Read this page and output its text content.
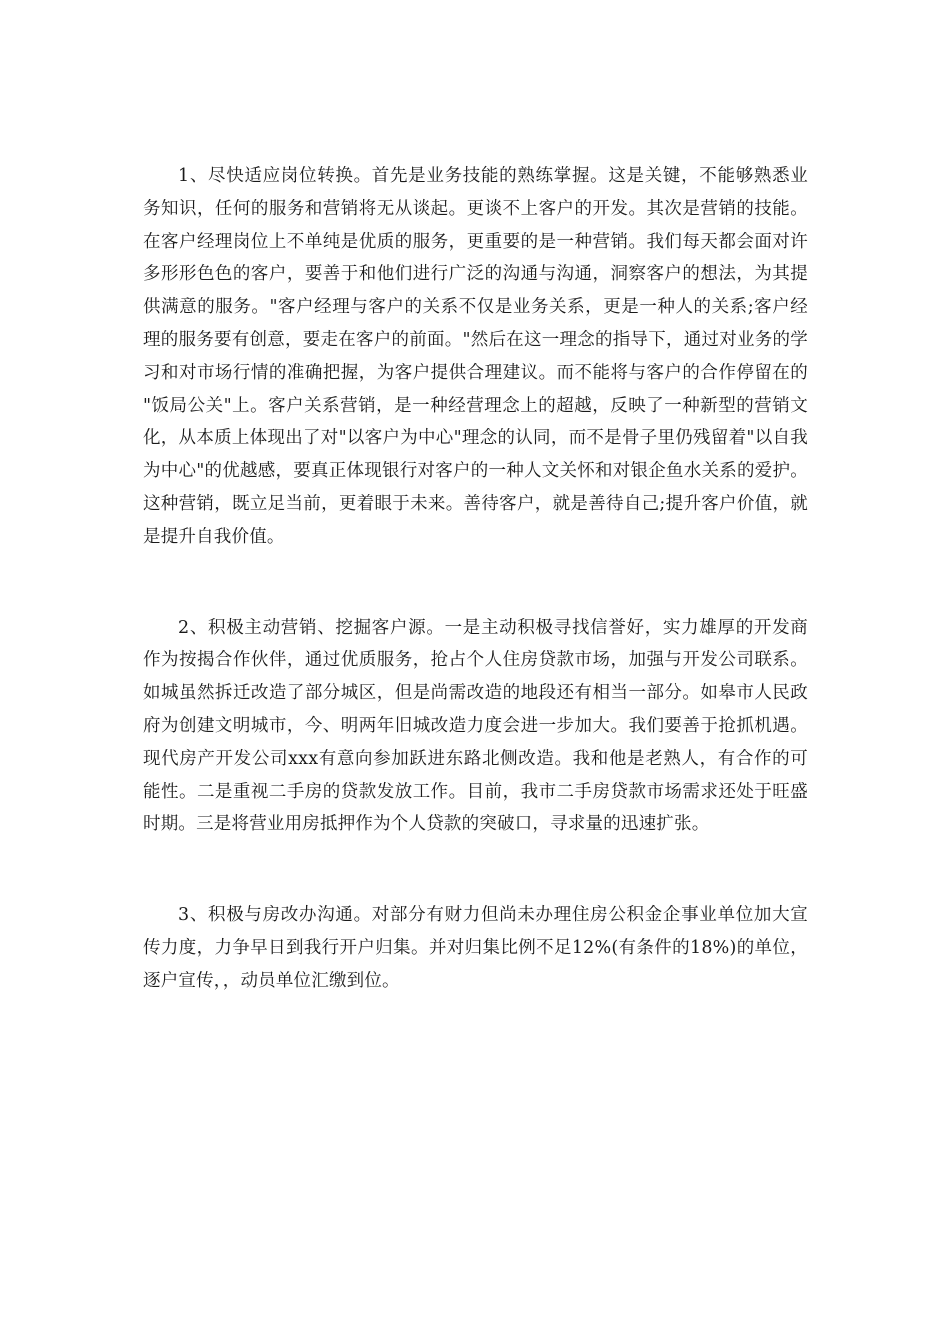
1、尽快适应岗位转换。首先是业务技能的熟练掌握。这是关键，不能够熟悉业务知识，任何的服务和营销将无从谈起。更谈不上客户的开发。其次是营销的技能。在客户经理岗位上不单纯是优质的服务，更重要的是一种营销。我们每天都会面对许多形形色色的客户，要善于和他们进行广泛的沟通与沟通，洞察客户的想法，为其提供满意的服务。"客户经理与客户的关系不仅是业务关系，更是一种人的关系;客户经理的服务要有创意，要走在客户的前面。"然后在这一理念的指导下，通过对业务的学习和对市场行情的准确把握，为客户提供合理建议。而不能将与客户的合作停留在的 "饭局公关"上。客户关系营销，是一种经营理念上的超越，反映了一种新型的营销文化，从本质上体现出了对"以客户为中心"理念的认同，而不是骨子里仍残留着"以自我为中心"的优越感，要真正体现银行对客户的一种人文关怀和对银企鱼水关系的爱护。这种营销，既立足当前，更着眼于未来。善待客户，就是善待自己;提升客户价值，就是提升自我价值。

2、积极主动营销、挖掘客户源。一是主动积极寻找信誉好，实力雄厚的开发商作为按揭合作伙伴，通过优质服务，抢占个人住房贷款市场，加强与开发公司联系。如城虽然拆迁改造了部分城区，但是尚需改造的地段还有相当一部分。如皋市人民政府为创建文明城市，今、明两年旧城改造力度会进一步加大。我们要善于抢抓机遇。现代房产开发公司xxx有意向参加跃进东路北侧改造。我和他是老熟人，有合作的可能性。二是重视二手房的贷款发放工作。目前，我市二手房贷款市场需求还处于旺盛时期。三是将营业用房抵押作为个人贷款的突破口，寻求量的迅速扩张。

3、积极与房改办沟通。对部分有财力但尚未办理住房公积金企事业单位加大宣传力度，力争早日到我行开户归集。并对归集比例不足12%(有条件的18%)的单位，逐户宣传，，动员单位汇缴到位。
